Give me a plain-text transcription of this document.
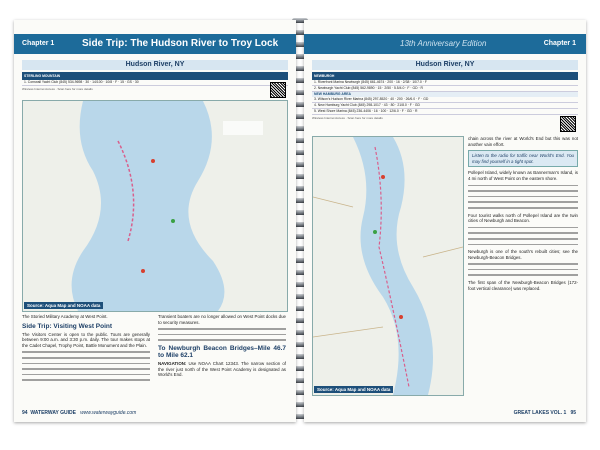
Chapter 1	Side Trip: The Hudson River to Troy Lock
Hudson River, NY
STERLING MOUNTAIN
1. Cornwall Yacht Club (845) 534-9698 · 30 · 14/100 · 10/8 · F · 15 · GS · 30
Wireless Internet Access · Scan here for more details
Source: Aqua Map and NOAA data

The Storied Military Academy at West Point.

Side Trip: Visiting West Point

The Visitors Center is open to the public. Tours are generally between 9:00 a.m. and 3:30 p.m. daily. The tour makes stops at the Cadet Chapel, Trophy Point, Battle Monument and the Plain.

Transient boaters are no longer allowed on West Point docks due to security measures.

To Newburgh Beacon Bridges–Mile 46.7 to Mile 62.1

NAVIGATION: Use NOAA Chart 12343. The narrow section of the river just north of the West Point Academy is designated as World's End.

94 WATERWAY GUIDE www.waterwayguide.com
13th Anniversary Edition	Chapter 1
Hudson River, NY
NEWBURGH
1. Riverfront Marina Newburgh (845) 661-4674 · 200 · 16 · 2/38 · 10/7.0 · F
2. Newburgh Yacht Club (845) 562-9890 · 15 · 2/50 · 5.5/4.0 · F · GD · R
NEW HAMBURG AREA
3. Wilson's Hudson River Marina (845) 297-8520 · 40 · 200 · 26/6.0 · F · GD
4. New Hamburg Yacht Club (845) 298-1017 · 43 · 80 · 21/8.0 · F · GD
5. West Shore Marina (845) 236-4406 · 16 · 100 · 12/6.0 · F · GD · R
Wireless Internet Access · Scan here for more details
Source: Aqua Map and NOAA data

chain across the river at World's End but this was not another vain effort.

Listen to the radio for traffic near World's End. You may find yourself in a tight spot.

Pollepel Island, widely known as Bannerman's Island, is 4 mi north of West Point on the eastern shore.

Four tourist walks north of Pollepel Island are the twin cities of Newburgh and Beacon.

Newburgh is one of the south's rebuilt cities; see the Newburgh-Beacon Bridges.

The first span of the Newburgh-Beacon Bridges (172-foot vertical clearance) was replaced.

GREAT LAKES VOL. 1 95
